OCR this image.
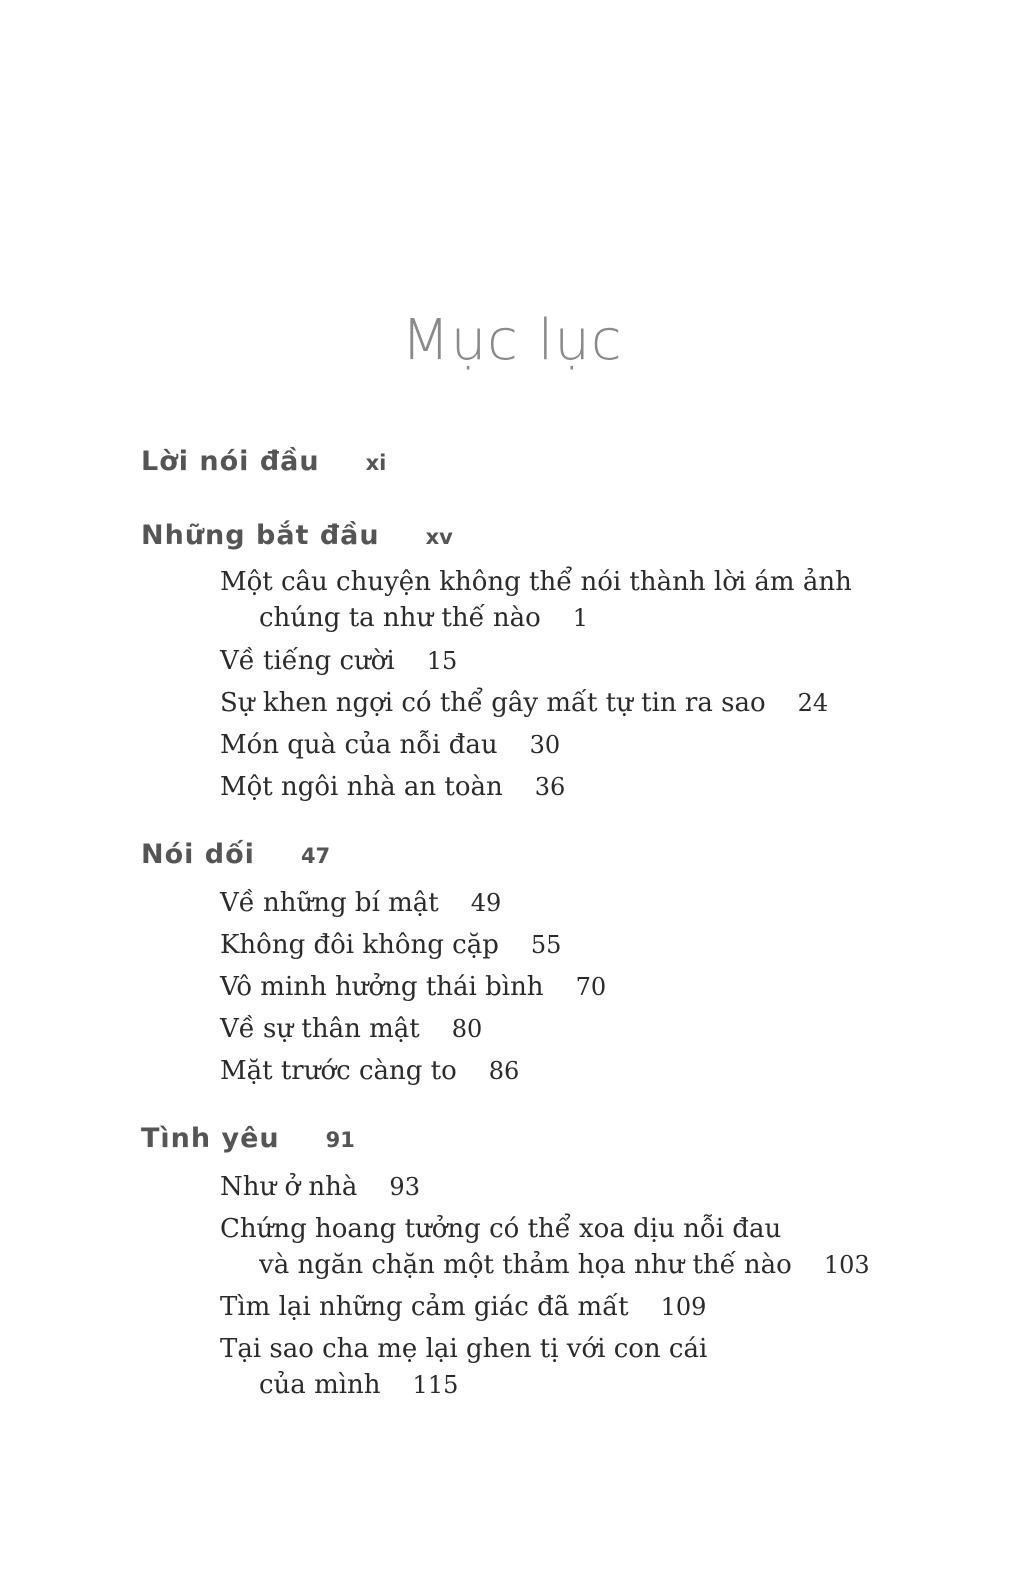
Mục lục
Lời nói đầu xi
Những bắt đầu xv
Một câu chuyện không thể nói thành lời ám ảnh
chúng ta như thế nào 1
Về tiếng cười 15
Sự khen ngợi có thể gây mất tự tin ra sao 24
Món quà của nỗi đau 30
Một ngôi nhà an toàn 36
Nói dối 47
Về những bí mật 49
Không đôi không cặp 55
Vô minh hưởng thái bình 70
Về sự thân mật 80
Mặt trước càng to 86
Tình yêu 91
Như ở nhà 93
Chứng hoang tưởng có thể xoa dịu nỗi đau
và ngăn chặn một thảm họa như thế nào 103
Tìm lại những cảm giác đã mất 109
Tại sao cha mẹ lại ghen tị với con cái
của mình 115
